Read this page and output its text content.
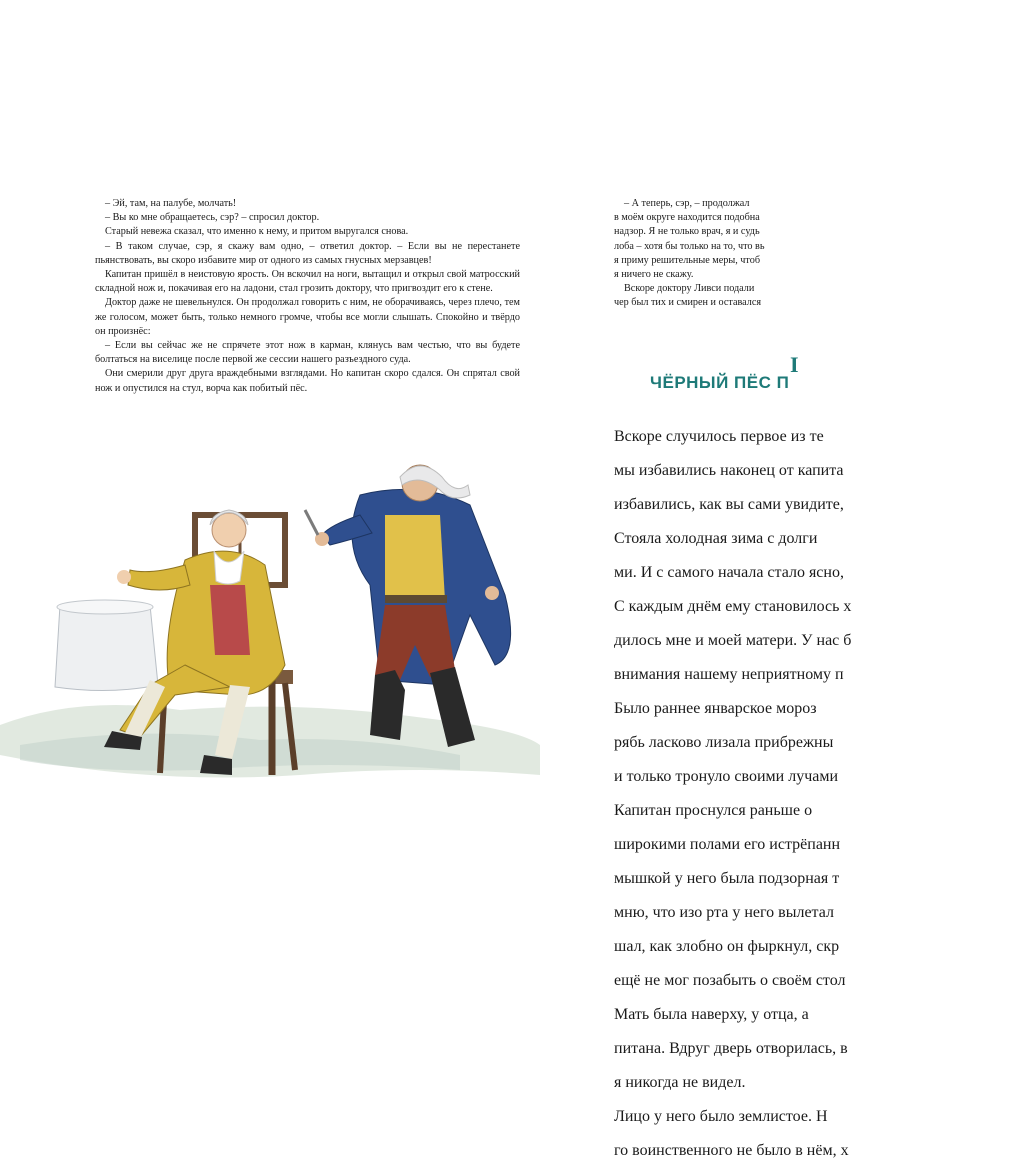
– Эй, там, на палубе, молчать!

– Вы ко мне обращаетесь, сэр? – спросил доктор.

Старый невежа сказал, что именно к нему, и притом выругался снова.

– В таком случае, сэр, я скажу вам одно, – ответил доктор. – Если вы не перестанете пьянствовать, вы скоро избавите мир от одного из самых гнусных мерзавцев!

Капитан пришёл в неистовую ярость. Он вскочил на ноги, вытащил и открыл свой матросский складной нож и, покачивая его на ладони, стал грозить доктору, что пригвоздит его к стене.

Доктор даже не шевельнулся. Он продолжал говорить с ним, не оборачиваясь, через плечо, тем же голосом, может быть, только немного громче, чтобы все могли слышать. Спокойно и твёрдо он произнёс:

– Если вы сейчас же не спрячете этот нож в карман, клянусь вам честью, что вы будете болтаться на виселице после первой же сессии нашего разъездного суда.

Они смерили друг друга враждебными взглядами. Но капитан скоро сдался. Он спрятал свой нож и опустился на стул, ворча как побитый пёс.

– А теперь, сэр, – продолжал

в моём округе находится подобна

надзор. Я не только врач, я и судь

лоба – хотя бы только на то, что вь

я приму решительные меры, чтоб

я ничего не скажу.

Вскоре доктору Ливси подали

чер был тих и смирен и оставался

I
ЧЁРНЫЙ ПЁС П

Вскоре случилось первое из те

мы избавились наконец от капита

избавились, как вы сами увидите,

Стояла холодная зима с долги

ми. И с самого начала стало ясно,

С каждым днём ему становилось х

дилось мне и моей матери. У нас б

внимания нашему неприятному п

Было раннее январское мороз

рябь ласково лизала прибрежны

и только тронуло своими лучами

Капитан проснулся раньше о

широкими полами его истрёпанн

мышкой у него была подзорная т

мню, что изо рта у него вылетал

шал, как злобно он фыркнул, скр

ещё не мог позабыть о своём стол

Мать была наверху, у отца, а

питана. Вдруг дверь отворилась, в

я никогда не видел.

Лицо у него было землистое. Н

го воинственного не было в нём, х
